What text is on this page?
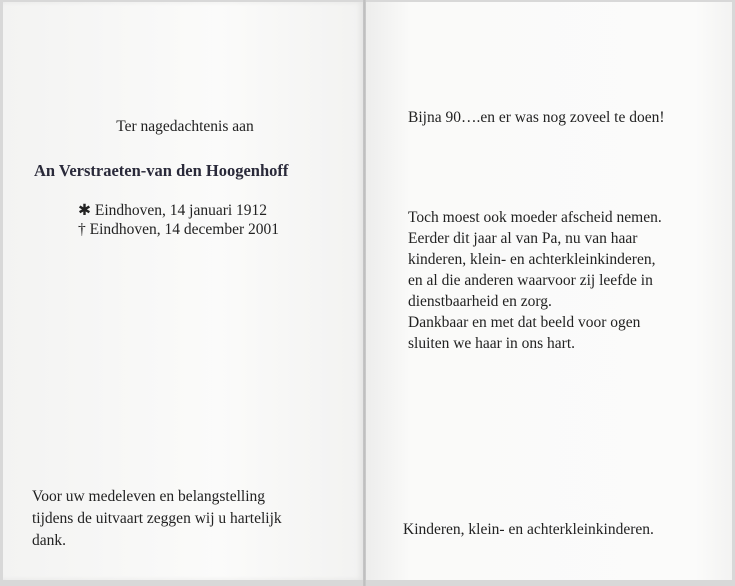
Ter nagedachtenis aan
An Verstraeten-van den Hoogenhoff
✱ Eindhoven, 14 januari 1912
† Eindhoven, 14 december 2001
Voor uw medeleven en belangstelling
tijdens de uitvaart zeggen wij u hartelijk
dank.
Bijna 90….en er was nog zoveel te doen!
Toch moest ook moeder afscheid nemen.
Eerder dit jaar al van Pa, nu van haar
kinderen, klein- en achterkleinkinderen,
en al die anderen waarvoor zij leefde in
dienstbaarheid en zorg.
Dankbaar en met dat beeld voor ogen
sluiten we haar in ons hart.
Kinderen, klein- en achterkleinkinderen.
